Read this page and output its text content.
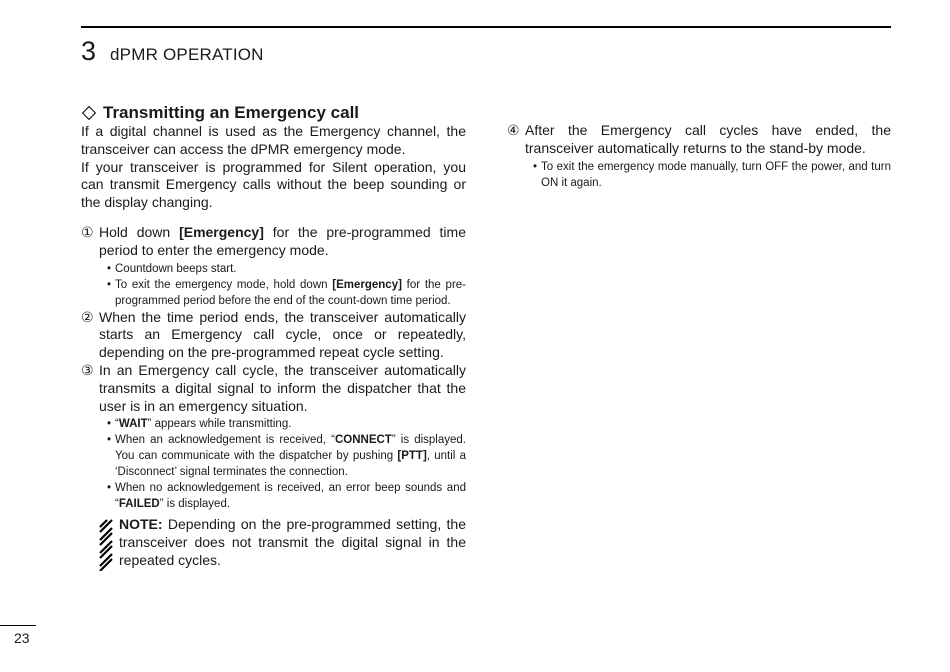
3 dPMR OPERATION
Transmitting an Emergency call

If a digital channel is used as the Emergency channel, the transceiver can access the dPMR emergency mode.

If your transceiver is programmed for Silent operation, you can transmit Emergency calls without the beep sounding or the display changing.

① Hold down [Emergency] for the pre-programmed time period to enter the emergency mode.
• Countdown beeps start.
• To exit the emergency mode, hold down [Emergency] for the pre-programmed period before the end of the count-down time period.
② When the time period ends, the transceiver automatically starts an Emergency call cycle, once or repeatedly, depending on the pre-programmed repeat cycle setting.
③ In an Emergency call cycle, the transceiver automatically transmits a digital signal to inform the dispatcher that the user is in an emergency situation.
• “WAIT” appears while transmitting.
• When an acknowledgement is received, “CONNECT” is displayed. You can communicate with the dispatcher by pushing [PTT], until a ‘Disconnect’ signal terminates the connection.
• When no acknowledgement is received, an error beep sounds and “FAILED” is displayed.
NOTE: Depending on the pre-programmed setting, the transceiver does not transmit the digital signal in the repeated cycles.
④ After the Emergency call cycles have ended, the transceiver automatically returns to the stand-by mode.
• To exit the emergency mode manually, turn OFF the power, and turn ON it again.
23
